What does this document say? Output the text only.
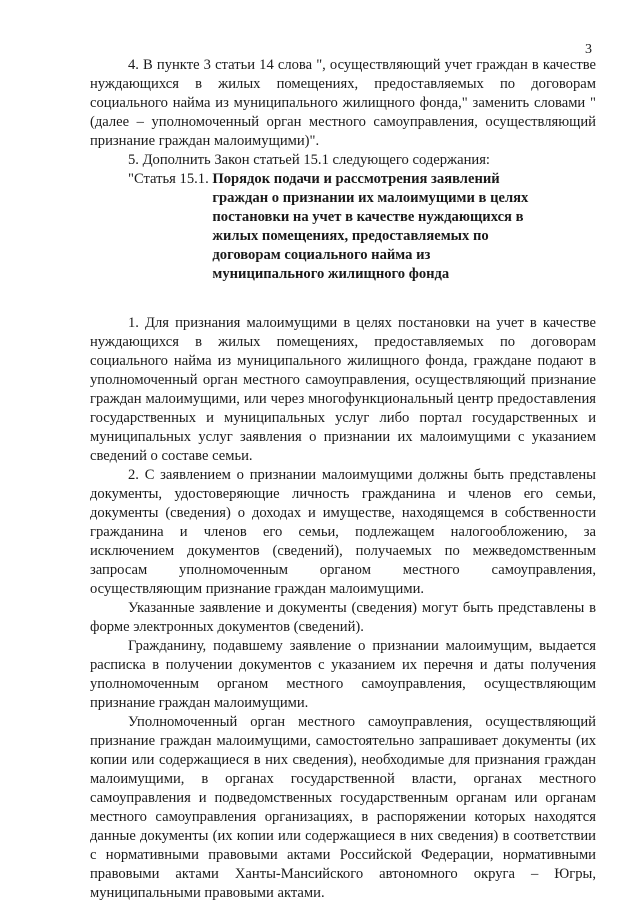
3

4. В пункте 3 статьи 14 слова ", осуществляющий учет граждан в качестве нуждающихся в жилых помещениях, предоставляемых по договорам социального найма из муниципального жилищного фонда," заменить словами "(далее – уполномоченный орган местного самоуправления, осуществляющий признание граждан малоимущими)".

5. Дополнить Закон статьей 15.1 следующего содержания:

"Статья 15.1. Порядок подачи и рассмотрения заявлений граждан о признании их малоимущими в целях постановки на учет в качестве нуждающихся в жилых помещениях, предоставляемых по договорам социального найма из муниципального жилищного фонда

1. Для признания малоимущими в целях постановки на учет в качестве нуждающихся в жилых помещениях, предоставляемых по договорам социального найма из муниципального жилищного фонда, граждане подают в уполномоченный орган местного самоуправления, осуществляющий признание граждан малоимущими, или через многофункциональный центр предоставления государственных и муниципальных услуг либо портал государственных и муниципальных услуг заявления о признании их малоимущими с указанием сведений о составе семьи.

2. С заявлением о признании малоимущими должны быть представлены документы, удостоверяющие личность гражданина и членов его семьи, документы (сведения) о доходах и имуществе, находящемся в собственности гражданина и членов его семьи, подлежащем налогообложению, за исключением документов (сведений), получаемых по межведомственным запросам уполномоченным органом местного самоуправления, осуществляющим признание граждан малоимущими.

Указанные заявление и документы (сведения) могут быть представлены в форме электронных документов (сведений).

Гражданину, подавшему заявление о признании малоимущим, выдается расписка в получении документов с указанием их перечня и даты получения уполномоченным органом местного самоуправления, осуществляющим признание граждан малоимущими.

Уполномоченный орган местного самоуправления, осуществляющий признание граждан малоимущими, самостоятельно запрашивает документы (их копии или содержащиеся в них сведения), необходимые для признания граждан малоимущими, в органах государственной власти, органах местного самоуправления и подведомственных государственным органам или органам местного самоуправления организациях, в распоряжении которых находятся данные документы (их копии или содержащиеся в них сведения) в соответствии с нормативными правовыми актами Российской Федерации, нормативными правовыми актами Ханты-Мансийского автономного округа – Югры, муниципальными правовыми актами.
